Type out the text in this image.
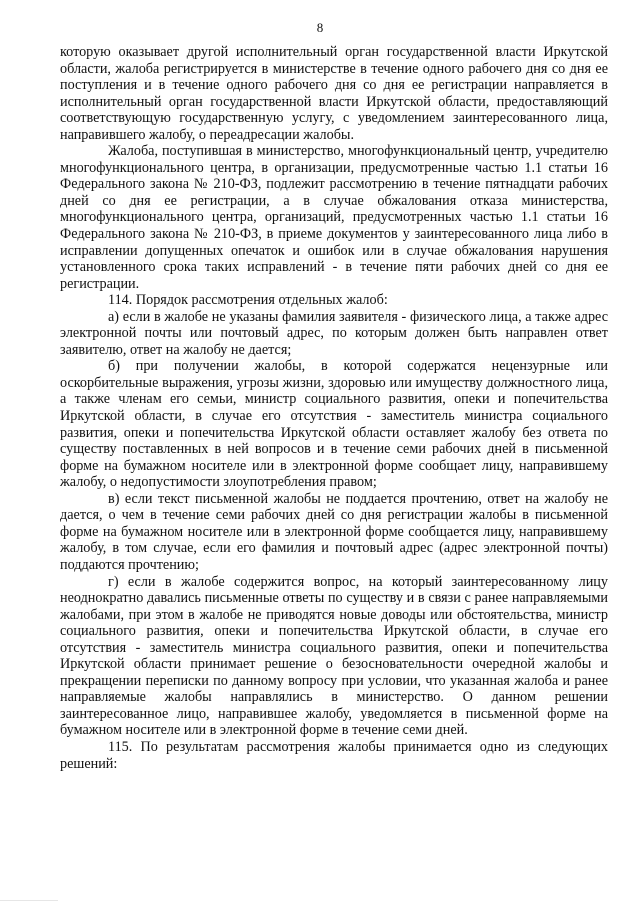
8

которую оказывает другой исполнительный орган государственной власти Иркутской области, жалоба регистрируется в министерстве в течение одного рабочего дня со дня ее поступления и в течение одного рабочего дня со дня ее регистрации направляется в исполнительный орган государственной власти Иркутской области, предоставляющий соответствующую государственную услугу, с уведомлением заинтересованного лица, направившего жалобу, о переадресации жалобы.

Жалоба, поступившая в министерство, многофункциональный центр, учредителю многофункционального центра, в организации, предусмотренные частью 1.1 статьи 16 Федерального закона № 210-ФЗ, подлежит рассмотрению в течение пятнадцати рабочих дней со дня ее регистрации, а в случае обжалования отказа министерства, многофункционального центра, организаций, предусмотренных частью 1.1 статьи 16 Федерального закона № 210-ФЗ, в приеме документов у заинтересованного лица либо в исправлении допущенных опечаток и ошибок или в случае обжалования нарушения установленного срока таких исправлений - в течение пяти рабочих дней со дня ее регистрации.

114. Порядок рассмотрения отдельных жалоб:

а) если в жалобе не указаны фамилия заявителя - физического лица, а также адрес электронной почты или почтовый адрес, по которым должен быть направлен ответ заявителю, ответ на жалобу не дается;

б) при получении жалобы, в которой содержатся нецензурные или оскорбительные выражения, угрозы жизни, здоровью или имуществу должностного лица, а также членам его семьи, министр социального развития, опеки и попечительства Иркутской области, в случае его отсутствия - заместитель министра социального развития, опеки и попечительства Иркутской области оставляет жалобу без ответа по существу поставленных в ней вопросов и в течение семи рабочих дней в письменной форме на бумажном носителе или в электронной форме сообщает лицу, направившему жалобу, о недопустимости злоупотребления правом;

в) если текст письменной жалобы не поддается прочтению, ответ на жалобу не дается, о чем в течение семи рабочих дней со дня регистрации жалобы в письменной форме на бумажном носителе или в электронной форме сообщается лицу, направившему жалобу, в том случае, если его фамилия и почтовый адрес (адрес электронной почты) поддаются прочтению;

г) если в жалобе содержится вопрос, на который заинтересованному лицу неоднократно давались письменные ответы по существу и в связи с ранее направляемыми жалобами, при этом в жалобе не приводятся новые доводы или обстоятельства, министр социального развития, опеки и попечительства Иркутской области, в случае его отсутствия - заместитель министра социального развития, опеки и попечительства Иркутской области принимает решение о безосновательности очередной жалобы и прекращении переписки по данному вопросу при условии, что указанная жалоба и ранее направляемые жалобы направлялись в министерство. О данном решении заинтересованное лицо, направившее жалобу, уведомляется в письменной форме на бумажном носителе или в электронной форме в течение семи дней.

115. По результатам рассмотрения жалобы принимается одно из следующих решений:
